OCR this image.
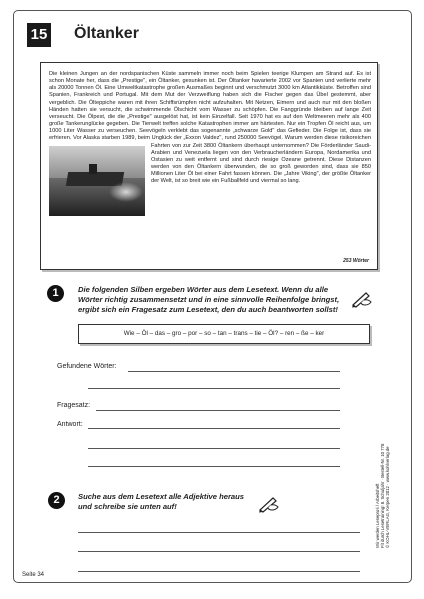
15 Öltanker
Die kleinen Jungen an der nordspanischen Küste sammeln immer noch beim Spielen teerige Klumpen am Strand auf. Es ist schon Monate her, dass die „Prestige", ein Öltanker, gesunken ist. Der Öltanker havarierte 2002 vor Spanien und verlierte mehr als 20000 Tonnen Öl. Eine Umweltkatastrophe großen Ausmaßes beginnt und verschmutzt 3000 km Atlantikküste. Betroffen sind Spanien, Frankreich und Portugal. Mit dem Mut der Verzweiflung haben sich die Fischer gegen das Übel gestemmt, aber vergeblich. Die Ölteppiche waren mit ihren Schiffsrümpfen nicht aufzuhalten. Mit Netzen, Eimern und auch nur mit den bloßen Händen hatten sie versucht, die schwimmende Ölschicht vom Wasser zu schöpfen. Die Fanggründe bleiben auf lange Zeit verseucht. Die Ölpest, die die „Prestige" ausgelöst hat, ist kein Einzelfall. Seit 1970 hat es auf den Weltmeeren mehr als 400 große Tankerunglücke gegeben. Die Tierwelt treffen solche Katastrophen immer am härtesten. Nur ein Tropfen Öl reicht aus, um 1000 Liter Wasser zu verseuchen. Seevögeln verklebt das sogenannte „schwarze Gold" das Gefieder. Die Folge ist, dass sie erfrieren. Vor Alaska starben 1989, beim Unglück der „Exxon Valdez", rund 250000 Seevögel. Warum werden diese risikoreichen Fahrten von zur Zeit 3800 Öltankern überhaupt unternommen? Die Förderländer Saudi-Arabien und Venezuela liegen von den Verbraucherländern Europa, Nordamerika und Ostasien zu weit entfernt und sind durch riesige Ozeane getrennt. Diese Distanzen werden von den Öltankern überwunden, die so groß geworden sind, dass sie 850 Millionen Liter Öl bei einer Fahrt fassen können. Die „Jahre Viking", der größte Öltanker der Welt, ist so breit wie ein Fußballfeld und viermal so lang.
253 Wörter
1	Die folgenden Silben ergeben Wörter aus dem Lesetext. Wenn du alle Wörter richtig zusammensetzt und in eine sinnvolle Reihenfolge bringst, ergibt sich ein Fragesatz zum Lesetext, den du auch beantworten sollst!
Wie – Öl – das – gro – por – so – tan – trans – tie – Öl? – ren – ße – ker
Gefundene Wörter:
Fragesatz:
Antwort:
2	Suche aus dem Lesetext alle Adjektive heraus und schreibe sie unten auf!	Wir werden Lesepro!i / Arbeitsheft Fit durch Lesetraining! 8. Schuljahr · Bestell-Nr. 10 778 © KOHL-VERLAG, Kerpen 2012 · www.kohlverlag.de
Seite 34
